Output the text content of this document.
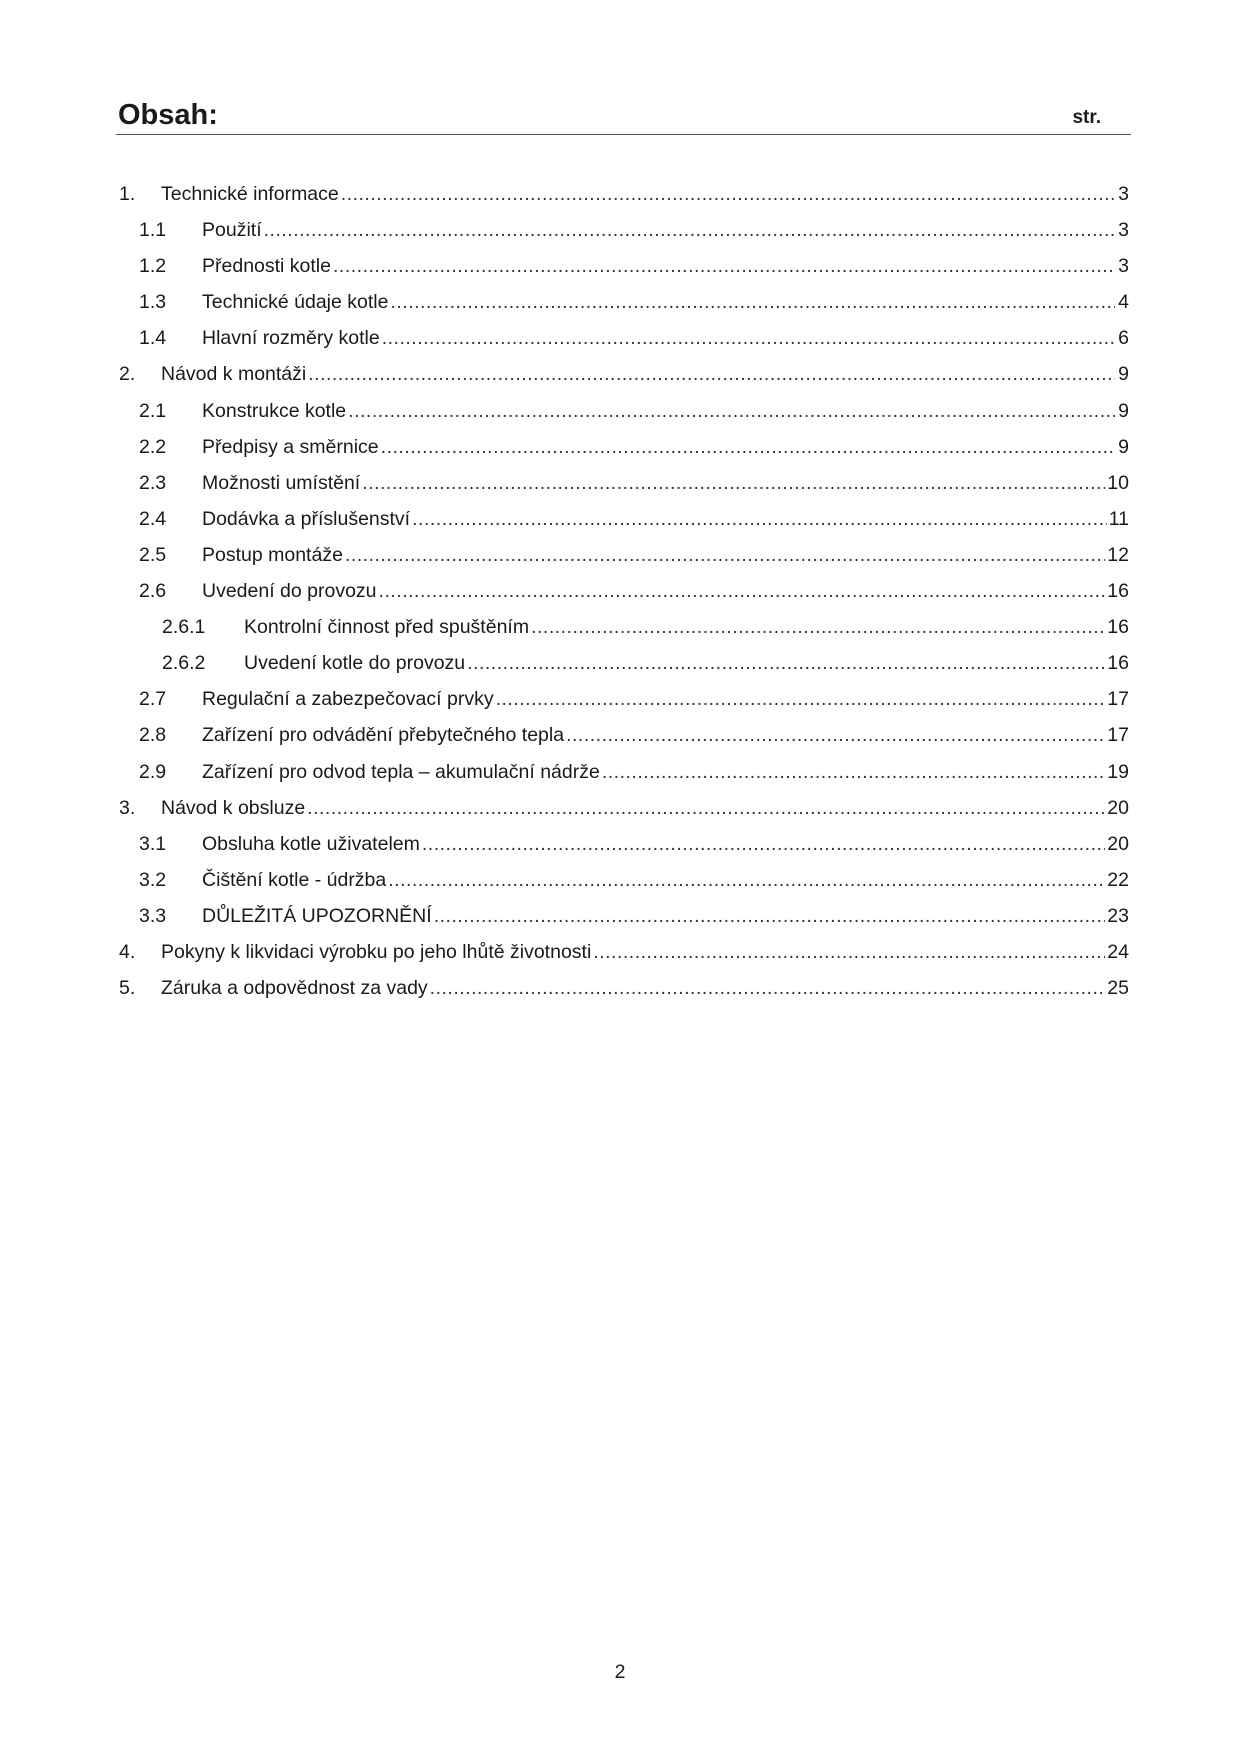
Obsah:	str.
1.	Technické informace .....	3
1.1	Použití .....	3
1.2	Přednosti kotle .....	3
1.3	Technické údaje kotle .....	4
1.4	Hlavní rozměry kotle .....	6
2.	Návod k montáži .....	9
2.1	Konstrukce kotle .....	9
2.2	Předpisy a směrnice .....	9
2.3	Možnosti umístění .....	10
2.4	Dodávka a příslušenství .....	11
2.5	Postup montáže .....	12
2.6	Uvedení do provozu .....	16
2.6.1	Kontrolní činnost před spuštěním .....	16
2.6.2	Uvedení kotle do provozu .....	16
2.7	Regulační a zabezpečovací prvky .....	17
2.8	Zařízení pro odvádění přebytečného tepla .....	17
2.9	Zařízení pro odvod tepla – akumulační nádrže .....	19
3.	Návod k obsluze .....	20
3.1	Obsluha kotle uživatelem .....	20
3.2	Čištění kotle - údržba .....	22
3.3	DŮLEŽITÁ UPOZORNĚNÍ .....	23
4.	Pokyny k likvidaci výrobku po jeho lhůtě životnosti .....	24
5.	Záruka a odpovědnost za vady .....	25
2
